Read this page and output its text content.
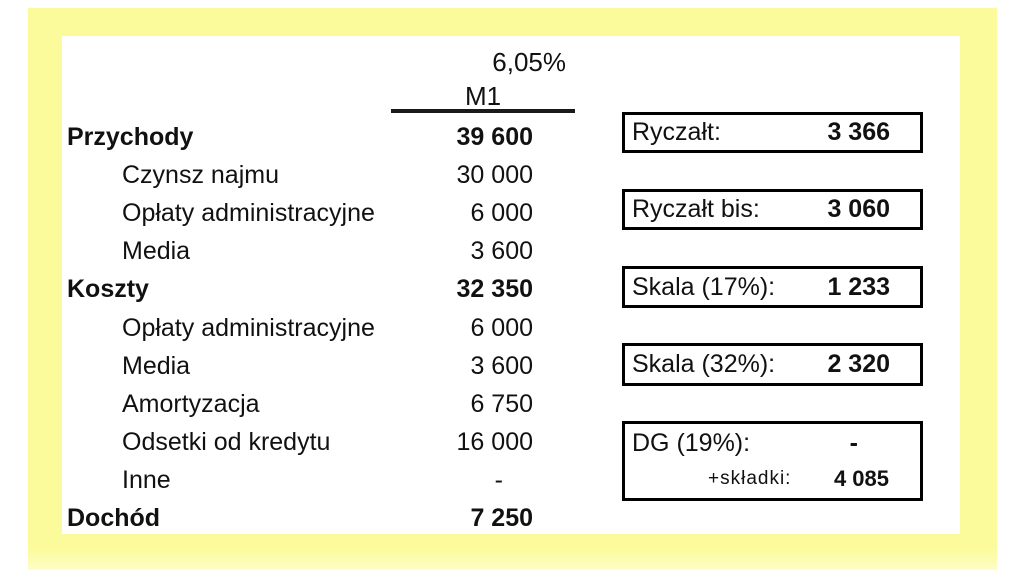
6,05%
M1
Przychody	39 600
Czynsz najmu	30 000
Opłaty administracyjne	6 000
Media	3 600
Koszty	32 350
Opłaty administracyjne	6 000
Media	3 600
Amortyzacja	6 750
Odsetki od kredytu	16 000
Inne	-
Dochód	7 250
Ryczałt:	3 366
Ryczałt bis:	3 060
Skala (17%): 1 233
Skala (32%): 2 320
DG (19%):	-
+składki: 4 085
